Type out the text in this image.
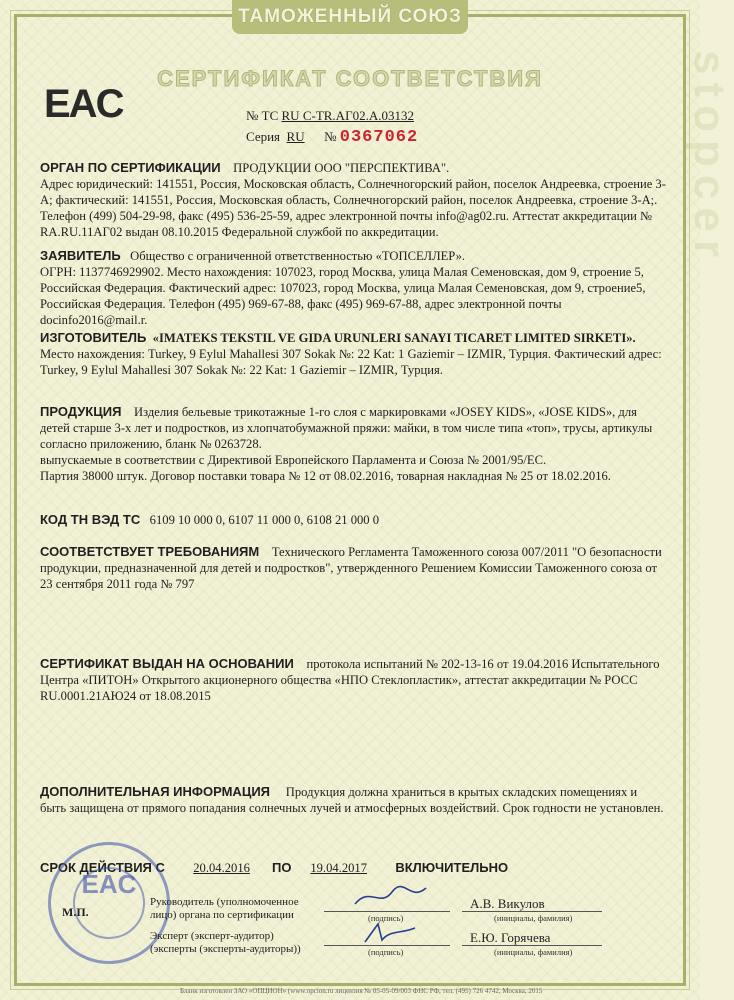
stopcer
ТАМОЖЕННЫЙ СОЮЗ
СЕРТИФИКАТ СООТВЕТСТВИЯ
EAC	№ ТС RU C-TR.АГ02.А.03132
Серия RU № 0367062
ОРГАН ПО СЕРТИФИКАЦИИ ПРОДУКЦИИ ООО "ПЕРСПЕКТИВА".
Адрес юридический: 141551, Россия, Московская область, Солнечногорский район, поселок Андреевка, строение 3-А; фактический: 141551, Россия, Московская область, Солнечногорский район, поселок Андреевка, строение 3-А;. Телефон (499) 504-29-98, факс (495) 536-25-59, адрес электронной почты info@ag02.ru. Аттестат аккредитации № RA.RU.11АГ02 выдан 08.10.2015 Федеральной службой по аккредитации.
ЗАЯВИТЕЛЬ Общество с ограниченной ответственностью «ТОПСЕЛЛЕР».
ОГРН: 1137746929902. Место нахождения: 107023, город Москва, улица Малая Семеновская, дом 9, строение 5, Российская Федерация. Фактический адрес: 107023, город Москва, улица Малая Семеновская, дом 9, строение5, Российская Федерация. Телефон (495) 969-67-88, факс (495) 969-67-88, адрес электронной почты docinfo2016@mail.r.
ИЗГОТОВИТЕЛЬ «IMATEKS TEKSTIL VE GIDA URUNLERI SANAYI TICARET LIMITED SIRKETI».
Место нахождения: Turkey, 9 Eylul Mahallesi 307 Sokak №: 22 Kat: 1 Gaziemir – IZMIR, Турция. Фактический адрес: Turkey, 9 Eylul Mahallesi 307 Sokak №: 22 Kat: 1 Gaziemir – IZMIR, Турция.
ПРОДУКЦИЯ Изделия бельевые трикотажные 1-го слоя с маркировками «JOSEY KIDS», «JOSE KIDS», для детей старше 3-х лет и подростков, из хлопчатобумажной пряжи: майки, в том числе типа «топ», трусы, артикулы согласно приложению, бланк № 0263728.
выпускаемые в соответствии с Директивой Европейского Парламента и Союза № 2001/95/ЕС.
Партия 38000 штук. Договор поставки товара № 12 от 08.02.2016, товарная накладная № 25 от 18.02.2016.
КОД ТН ВЭД ТС 6109 10 000 0, 6107 11 000 0, 6108 21 000 0
СООТВЕТСТВУЕТ ТРЕБОВАНИЯМ Технического Регламента Таможенного союза 007/2011 "О безопасности продукции, предназначенной для детей и подростков", утвержденного Решением Комиссии Таможенного союза от 23 сентября 2011 года № 797
СЕРТИФИКАТ ВЫДАН НА ОСНОВАНИИ протокола испытаний № 202-13-16 от 19.04.2016 Испытательного Центра «ПИТОН» Открытого акционерного общества «НПО Стеклопластик», аттестат аккредитации № РОСС RU.0001.21АЮ24 от 18.08.2015
ДОПОЛНИТЕЛЬНАЯ ИНФОРМАЦИЯ Продукция должна храниться в крытых складских помещениях и быть защищена от прямого попадания солнечных лучей и атмосферных воздействий. Срок годности не установлен.
СРОК ДЕЙСТВИЯ С 20.04.2016 ПО 19.04.2017 ВКЛЮЧИТЕЛЬНО
EAC
М.П.
Руководитель (уполномоченное лицо) органа по сертификации	(подпись)
А.В. Викулов
(инициалы, фамилия)
Эксперт (эксперт-аудитор) (эксперты (эксперты-аудиторы))	(подпись)
Е.Ю. Горячева
(инициалы, фамилия)
Бланк изготовлен ЗАО «ОПЦИОН» (www.opcion.ru лицензия № 05-05-09/003 ФНС РФ, тел. (495) 726 4742, Москва, 2015
